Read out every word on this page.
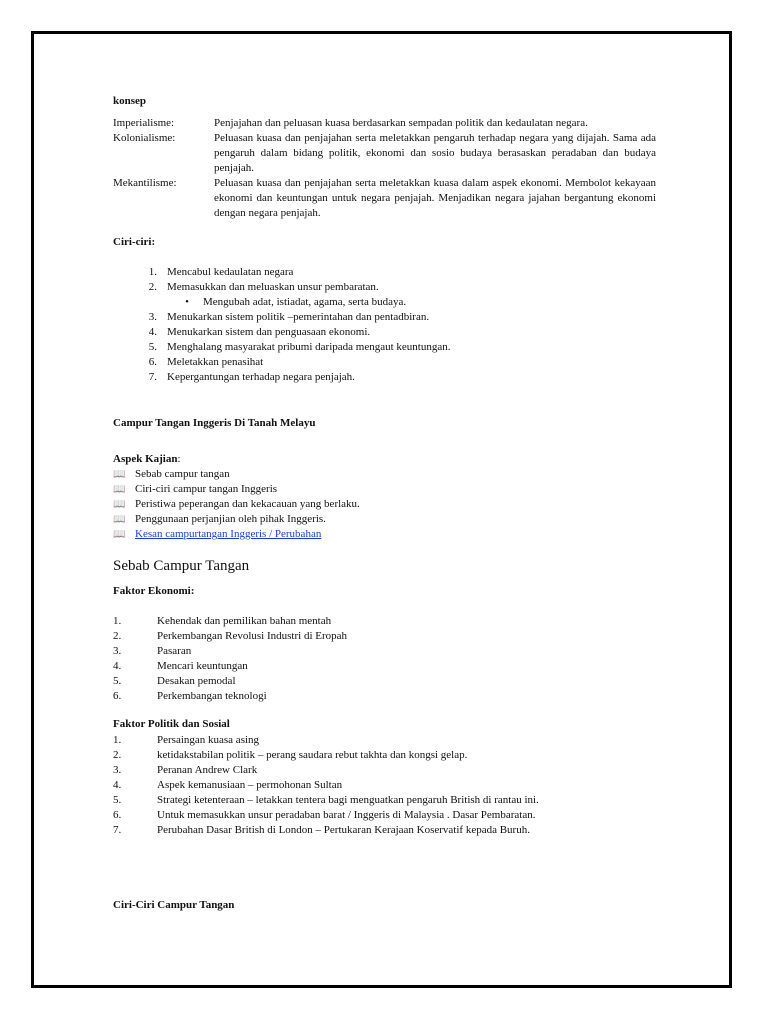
konsep
Imperialisme:	Penjajahan dan peluasan kuasa berdasarkan sempadan politik dan kedaulatan negara.
Kolonialisme:	Peluasan kuasa dan penjajahan serta meletakkan pengaruh terhadap negara yang dijajah. Sama ada pengaruh dalam bidang politik, ekonomi dan sosio budaya berasaskan peradaban dan budaya penjajah.
Mekantilisme:	Peluasan kuasa dan penjajahan serta meletakkan kuasa dalam aspek ekonomi. Membolot kekayaan ekonomi dan keuntungan untuk negara penjajah. Menjadikan negara jajahan bergantung ekonomi dengan negara penjajah.
Ciri-ciri:
1. Mencabul kedaulatan negara
2. Memasukkan dan meluaskan unsur pembaratan.
• Mengubah adat, istiadat, agama, serta budaya.
3. Menukarkan sistem politik –pemerintahan dan pentadbiran.
4. Menukarkan sistem dan penguasaan ekonomi.
5. Menghalang masyarakat pribumi daripada mengaut keuntungan.
6. Meletakkan penasihat
7. Kepergantungan terhadap negara penjajah.
Campur Tangan Inggeris Di Tanah Melayu
Aspek Kajian:
📖 Sebab campur tangan
📖 Ciri-ciri campur tangan Inggeris
📖 Peristiwa peperangan dan kekacauan yang berlaku.
📖 Penggunaan perjanjian oleh pihak Inggeris.
📖 Kesan campurtangan Inggeris / Perubahan
Sebab Campur Tangan
Faktor Ekonomi:
1.	Kehendak dan pemilikan bahan mentah
2.	Perkembangan Revolusi Industri di Eropah
3.	Pasaran
4.	Mencari keuntungan
5.	Desakan pemodal
6.	Perkembangan teknologi
Faktor Politik dan Sosial
1.	Persaingan kuasa asing
2.	ketidakstabilan politik – perang saudara rebut takhta dan kongsi gelap.
3.	Peranan Andrew Clark
4.	Aspek kemanusiaan – permohonan Sultan
5.	Strategi ketenteraan – letakkan tentera bagi menguatkan pengaruh British di rantau ini.
6.	Untuk memasukkan unsur peradaban barat / Inggeris di Malaysia . Dasar Pembaratan.
7.	Perubahan Dasar British di London – Pertukaran Kerajaan Koservatif kepada Buruh.
Ciri-Ciri Campur Tangan
